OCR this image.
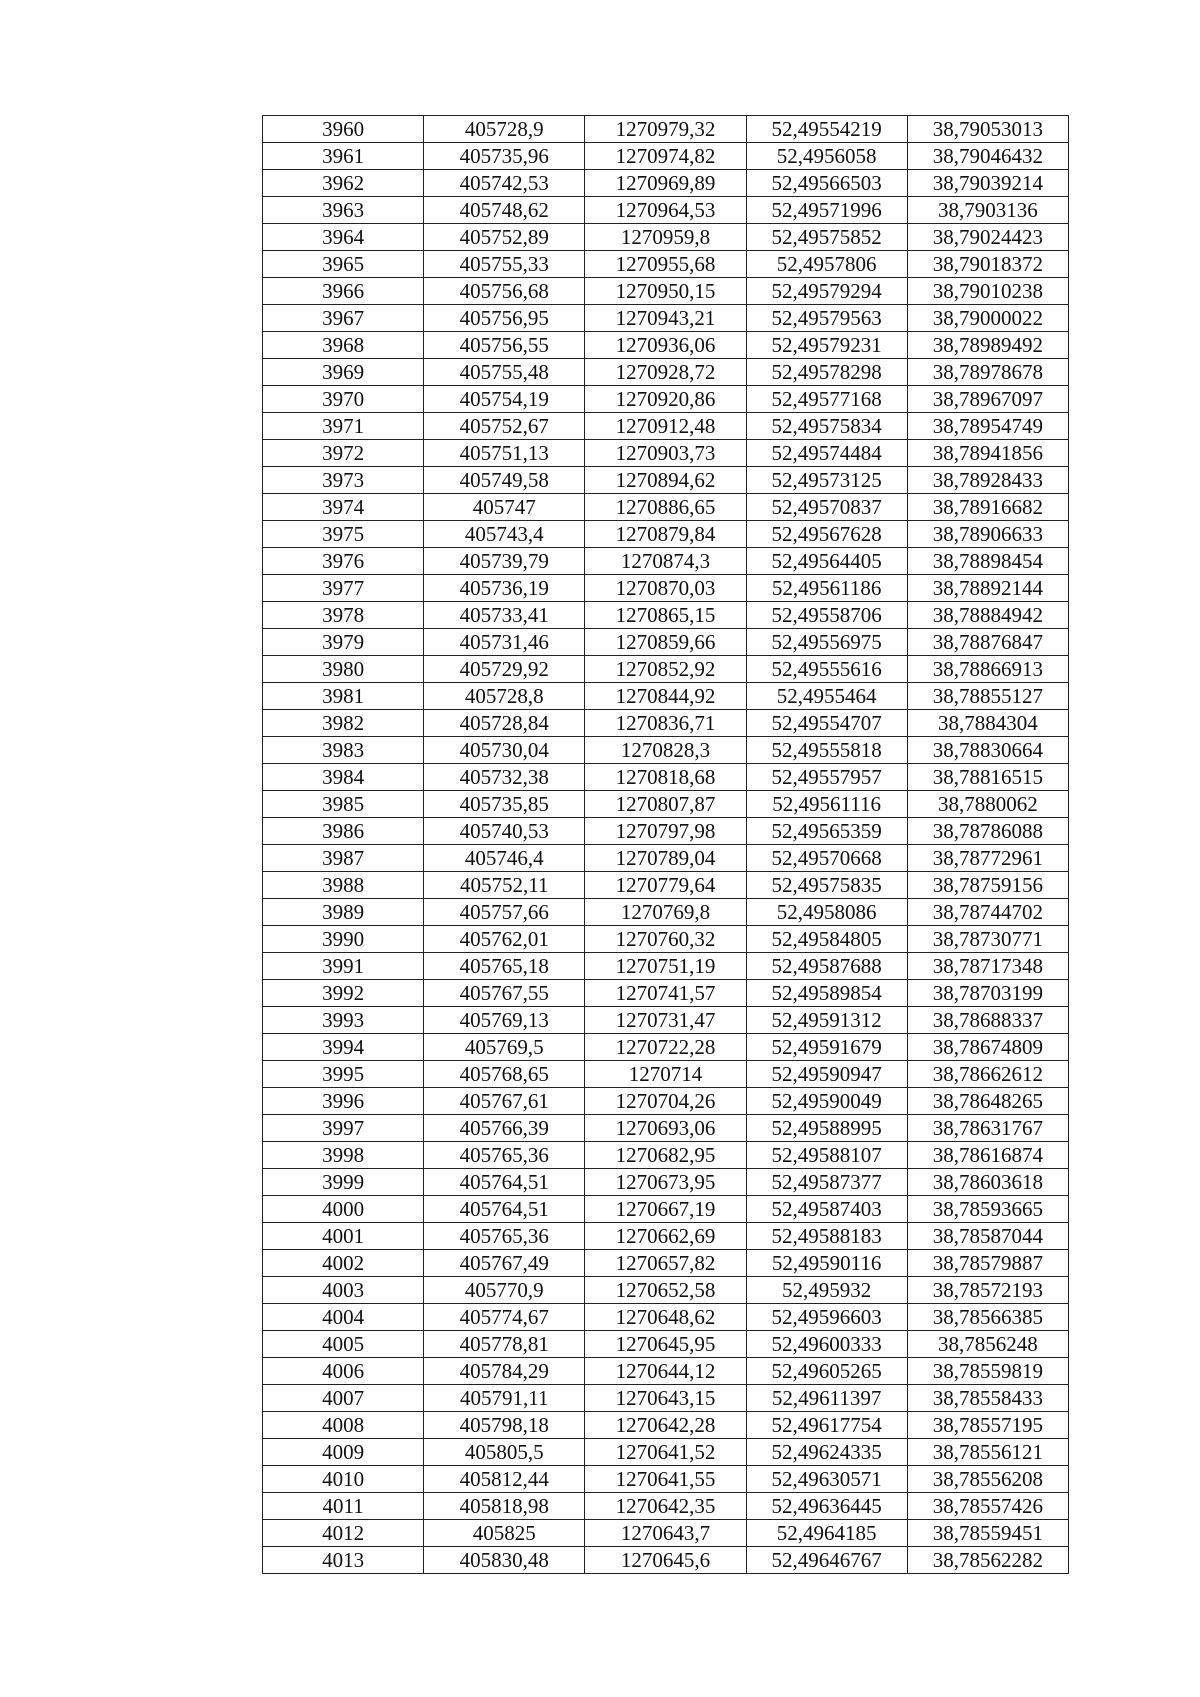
3960	405728,9	1270979,32	52,49554219	38,79053013
3961	405735,96	1270974,82	52,4956058	38,79046432
3962	405742,53	1270969,89	52,49566503	38,79039214
3963	405748,62	1270964,53	52,49571996	38,7903136
3964	405752,89	1270959,8	52,49575852	38,79024423
3965	405755,33	1270955,68	52,4957806	38,79018372
3966	405756,68	1270950,15	52,49579294	38,79010238
3967	405756,95	1270943,21	52,49579563	38,79000022
3968	405756,55	1270936,06	52,49579231	38,78989492
3969	405755,48	1270928,72	52,49578298	38,78978678
3970	405754,19	1270920,86	52,49577168	38,78967097
3971	405752,67	1270912,48	52,49575834	38,78954749
3972	405751,13	1270903,73	52,49574484	38,78941856
3973	405749,58	1270894,62	52,49573125	38,78928433
3974	405747	1270886,65	52,49570837	38,78916682
3975	405743,4	1270879,84	52,49567628	38,78906633
3976	405739,79	1270874,3	52,49564405	38,78898454
3977	405736,19	1270870,03	52,49561186	38,78892144
3978	405733,41	1270865,15	52,49558706	38,78884942
3979	405731,46	1270859,66	52,49556975	38,78876847
3980	405729,92	1270852,92	52,49555616	38,78866913
3981	405728,8	1270844,92	52,4955464	38,78855127
3982	405728,84	1270836,71	52,49554707	38,7884304
3983	405730,04	1270828,3	52,49555818	38,78830664
3984	405732,38	1270818,68	52,49557957	38,78816515
3985	405735,85	1270807,87	52,49561116	38,7880062
3986	405740,53	1270797,98	52,49565359	38,78786088
3987	405746,4	1270789,04	52,49570668	38,78772961
3988	405752,11	1270779,64	52,49575835	38,78759156
3989	405757,66	1270769,8	52,4958086	38,78744702
3990	405762,01	1270760,32	52,49584805	38,78730771
3991	405765,18	1270751,19	52,49587688	38,78717348
3992	405767,55	1270741,57	52,49589854	38,78703199
3993	405769,13	1270731,47	52,49591312	38,78688337
3994	405769,5	1270722,28	52,49591679	38,78674809
3995	405768,65	1270714	52,49590947	38,78662612
3996	405767,61	1270704,26	52,49590049	38,78648265
3997	405766,39	1270693,06	52,49588995	38,78631767
3998	405765,36	1270682,95	52,49588107	38,78616874
3999	405764,51	1270673,95	52,49587377	38,78603618
4000	405764,51	1270667,19	52,49587403	38,78593665
4001	405765,36	1270662,69	52,49588183	38,78587044
4002	405767,49	1270657,82	52,49590116	38,78579887
4003	405770,9	1270652,58	52,495932	38,78572193
4004	405774,67	1270648,62	52,49596603	38,78566385
4005	405778,81	1270645,95	52,49600333	38,7856248
4006	405784,29	1270644,12	52,49605265	38,78559819
4007	405791,11	1270643,15	52,49611397	38,78558433
4008	405798,18	1270642,28	52,49617754	38,78557195
4009	405805,5	1270641,52	52,49624335	38,78556121
4010	405812,44	1270641,55	52,49630571	38,78556208
4011	405818,98	1270642,35	52,49636445	38,78557426
4012	405825	1270643,7	52,4964185	38,78559451
4013	405830,48	1270645,6	52,49646767	38,78562282
